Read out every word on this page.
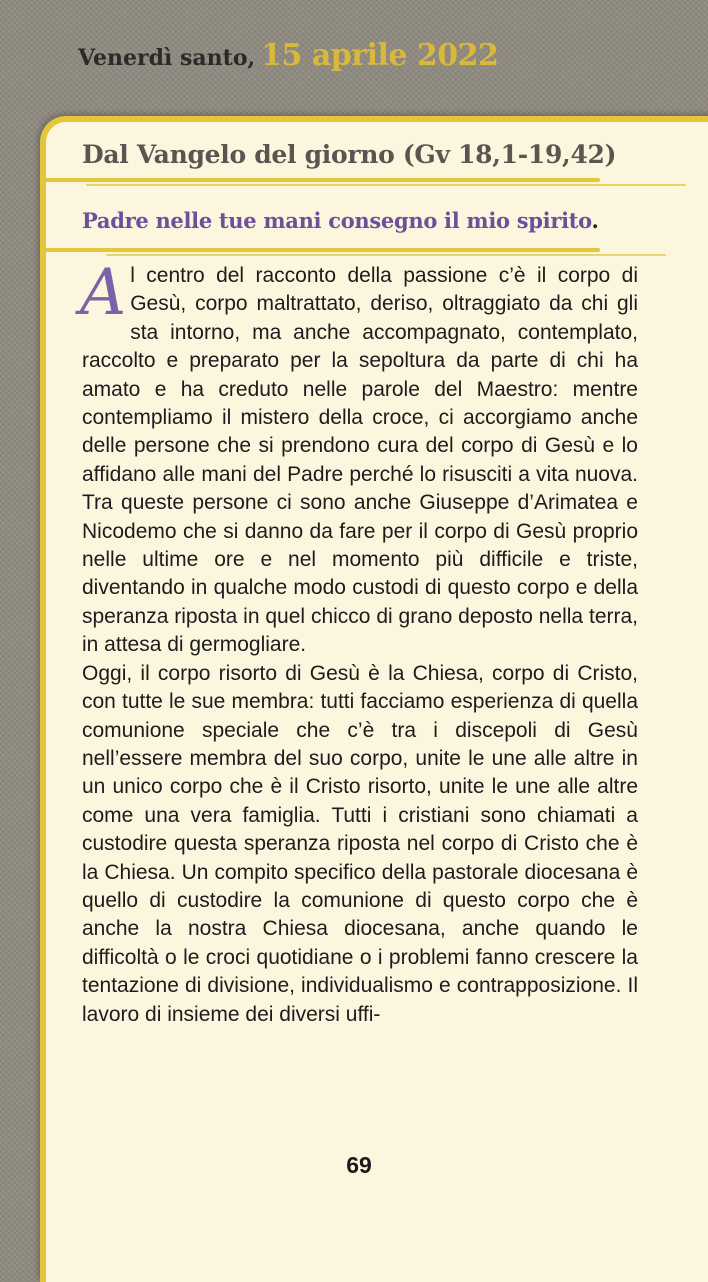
Venerdì santo, 15 aprile 2022
Dal Vangelo del giorno (Gv 18,1-19,42)
Padre nelle tue mani consegno il mio spirito.

Al centro del racconto della passione c’è il corpo di Gesù, corpo maltrattato, deriso, oltraggiato da chi gli sta intorno, ma anche accompagnato, contemplato, raccolto e preparato per la sepoltura da parte di chi ha amato e ha creduto nelle parole del Maestro: mentre contempliamo il mistero della croce, ci accorgiamo anche delle persone che si prendono cura del corpo di Gesù e lo affidano alle mani del Padre perché lo risusciti a vita nuova. Tra queste persone ci sono anche Giuseppe d’Arimatea e Nicodemo che si danno da fare per il corpo di Gesù proprio nelle ultime ore e nel momento più difficile e triste, diventando in qualche modo custodi di questo corpo e della speranza riposta in quel chicco di grano deposto nella terra, in attesa di germogliare.

Oggi, il corpo risorto di Gesù è la Chiesa, corpo di Cristo, con tutte le sue membra: tutti facciamo esperienza di quella comunione speciale che c’è tra i discepoli di Gesù nell’essere membra del suo corpo, unite le une alle altre in un unico corpo che è il Cristo risorto, unite le une alle altre come una vera famiglia. Tutti i cristiani sono chiamati a custodire questa speranza riposta nel corpo di Cristo che è la Chiesa. Un compito specifico della pastorale diocesana è quello di custodire la comunione di questo corpo che è anche la nostra Chiesa diocesana, anche quando le difficoltà o le croci quotidiane o i problemi fanno crescere la tentazione di divisione, individualismo e contrapposizione. Il lavoro di insieme dei diversi uffi-

69
